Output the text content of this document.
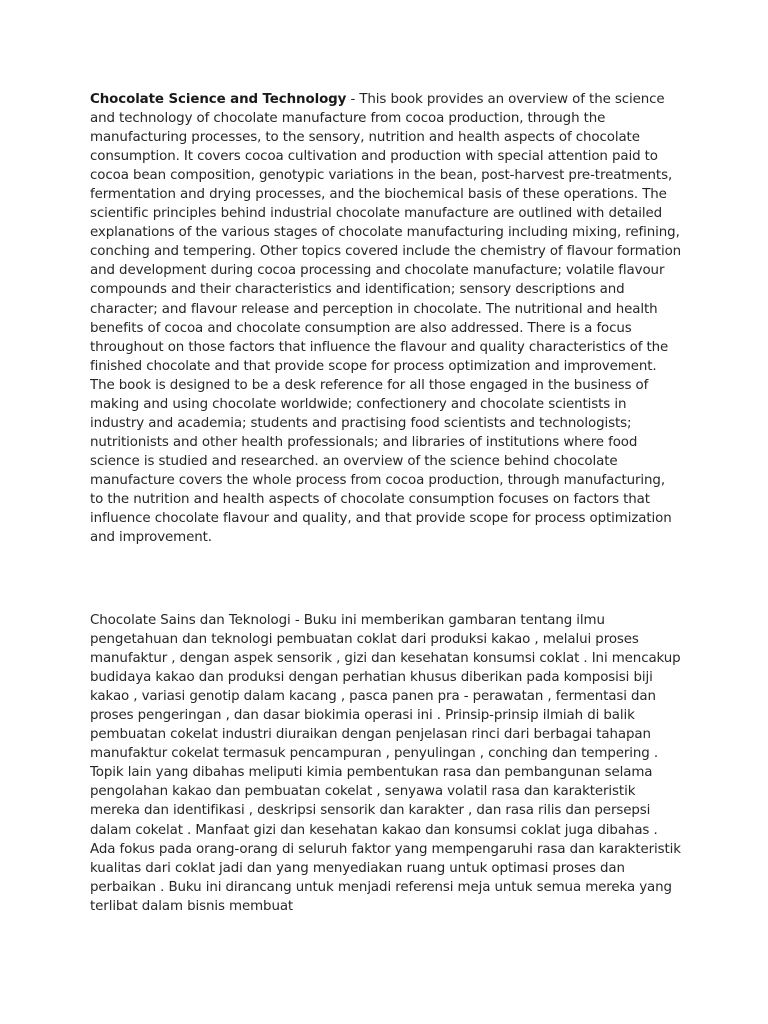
Chocolate Science and Technology - This book provides an overview of the science and technology of chocolate manufacture from cocoa production, through the manufacturing processes, to the sensory, nutrition and health aspects of chocolate consumption. It covers cocoa cultivation and production with special attention paid to cocoa bean composition, genotypic variations in the bean, post-harvest pre-treatments, fermentation and drying processes, and the biochemical basis of these operations. The scientific principles behind industrial chocolate manufacture are outlined with detailed explanations of the various stages of chocolate manufacturing including mixing, refining, conching and tempering. Other topics covered include the chemistry of flavour formation and development during cocoa processing and chocolate manufacture; volatile flavour compounds and their characteristics and identification; sensory descriptions and character; and flavour release and perception in chocolate. The nutritional and health benefits of cocoa and chocolate consumption are also addressed. There is a focus throughout on those factors that influence the flavour and quality characteristics of the finished chocolate and that provide scope for process optimization and improvement. The book is designed to be a desk reference for all those engaged in the business of making and using chocolate worldwide; confectionery and chocolate scientists in industry and academia; students and practising food scientists and technologists; nutritionists and other health professionals; and libraries of institutions where food science is studied and researched. an overview of the science behind chocolate manufacture covers the whole process from cocoa production, through manufacturing, to the nutrition and health aspects of chocolate consumption focuses on factors that influence chocolate flavour and quality, and that provide scope for process optimization and improvement.

Chocolate Sains dan Teknologi - Buku ini memberikan gambaran tentang ilmu pengetahuan dan teknologi pembuatan coklat dari produksi kakao , melalui proses manufaktur , dengan aspek sensorik , gizi dan kesehatan konsumsi coklat . Ini mencakup budidaya kakao dan produksi dengan perhatian khusus diberikan pada komposisi biji kakao , variasi genotip dalam kacang , pasca panen pra - perawatan , fermentasi dan proses pengeringan , dan dasar biokimia operasi ini . Prinsip-prinsip ilmiah di balik pembuatan cokelat industri diuraikan dengan penjelasan rinci dari berbagai tahapan manufaktur cokelat termasuk pencampuran , penyulingan , conching dan tempering . Topik lain yang dibahas meliputi kimia pembentukan rasa dan pembangunan selama pengolahan kakao dan pembuatan cokelat , senyawa volatil rasa dan karakteristik mereka dan identifikasi , deskripsi sensorik dan karakter , dan rasa rilis dan persepsi dalam cokelat . Manfaat gizi dan kesehatan kakao dan konsumsi coklat juga dibahas . Ada fokus pada orang-orang di seluruh faktor yang mempengaruhi rasa dan karakteristik kualitas dari coklat jadi dan yang menyediakan ruang untuk optimasi proses dan perbaikan . Buku ini dirancang untuk menjadi referensi meja untuk semua mereka yang terlibat dalam bisnis membuat
